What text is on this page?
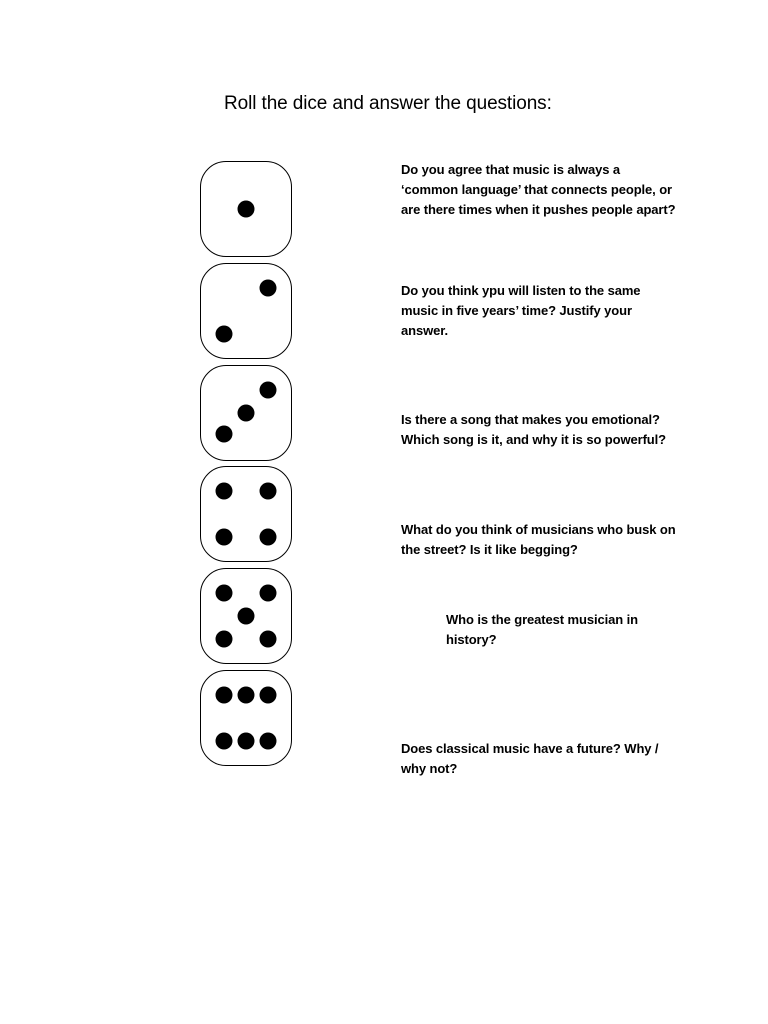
Roll the dice and answer the questions:

Do you agree that music is always a ‘common language’ that connects people, or are there times when it pushes people apart?

Do you think ypu will listen to the same music in five years’ time? Justify your answer.

Is there a song that makes you emotional? Which song is it, and why it is so powerful?

What do you think of musicians who busk on the street? Is it like begging?

Who is the greatest musician in history?

Does classical music have a future? Why / why not?
